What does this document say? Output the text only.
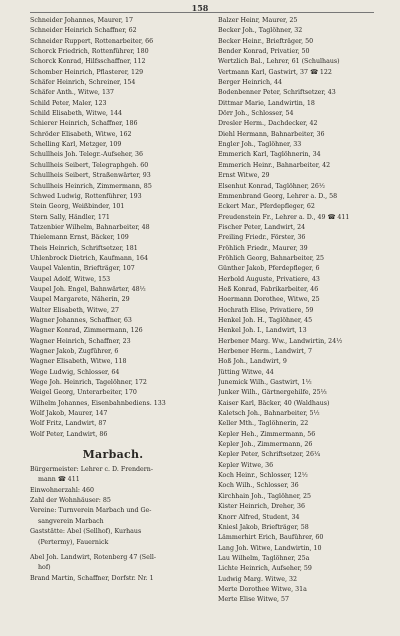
158
Schneider Johannes, Maurer, 17
Schneider Heinrich Schaffner, 62
Schneider Ruppert, Rottenarbeiter, 66
Schorck Friedrich, Rottenführer, 180
Schorck Konrad, Hilfsschaffner, 112
Schomber Heinrich, Pflasterer, 129
Schäfer Heinrich, Schreiner, 154
Schäfer Anth., Witwe, 137
Schild Peter, Maler, 123
Schild Elisabeth, Witwe, 144
Schierer Heinrich, Schaffner, 186
Schröder Elisabeth, Witwe, 162
Schelling Karl, Metzger, 109
Schullheis Joh. Telegr.-Aufseher, 36
Schullheis Seibert, Telegraphgeh. 60
Schullheis Seibert, Straßenwärter, 93
Schullheis Heinrich, Zimmermann, 85
Schwed Ludwig, Rottenführer, 193
Stein Georg, Weißbinder, 101
Stern Sally, Händler, 171
Tatzenbier Wilhelm, Bahnarbeiter, 48
Thielemann Ernst, Bäcker, 109
Theis Heinrich, Schriftsetzer, 181
Uhlenbrock Dietrich, Kaufmann, 164
Vaupel Valentin, Briefträger, 107
Vaupel Adolf, Witwe, 153
Vaupel Joh. Engel, Bahnwärter, 48½
Vaupel Margarete, Näherin, 29
Walter Elisabeth, Witwe, 27
Wagner Johannes, Schaffner, 63
Wagner Konrad, Zimmermann, 126
Wagner Heinrich, Schaffner, 23
Wagner Jakob, Zugführer, 6
Wagner Elisabeth, Witwe, 118
Wege Ludwig, Schlosser, 64
Wege Joh. Heinrich, Tagelöhner, 172
Weigel Georg, Unterarbeiter, 170
Wilhelm Johannes, Eisenbahnbediens. 133
Wolf Jakob, Maurer, 147
Wolf Fritz, Landwirt, 87
Wolf Peter, Landwirt, 86
Marbach.
Bürgermeister: Lehrer c. D. Frendern-
mann ☎ 411
Einwohnerzahl: 460
Zahl der Wohnhäuser: 85
Vereine: Turnverein Marbach und Ge-
sangverein Marbach
Gaststätte: Abel (Sellhof), Kurhaus
(Pertermy), Fauernick
Abel Joh. Landwirt, Rotenberg 47 (Sell-
hof)
Brand Martin, Schaffner, Dorfstr. Nr. 1
Balzer Heinr, Maurer, 25
Becker Joh., Taglöhner, 32
Becker Heinr., Briefträger, 50
Bender Konrad, Privatier, 50
Wertzlich Bal., Lehrer, 61 (Schulhaus)
Vertmann Karl, Gastwirt, 37 ☎ 122
Berger Heinrich, 44
Bodenbenner Peter, Schriftsetzer, 43
Dittmar Marie, Landwirtin, 18
Dörr Joh., Schlosser, 54
Dresler Herm., Dachdecker, 42
Diehl Hermann, Bahnarbeiter, 36
Engler Joh., Taglöhner, 33
Emmerich Karl, Taglöhnerin, 34
Emmerich Heinr., Bahnarbeiter, 42
Ernst Witwe, 29
Elsenhut Konrad, Taglöhner, 26½
Emmenbrand Georg, Lehrer a. D., 58
Eckert Mar., Pferdepfleger, 62
Freudenstein Fr., Lehrer a. D., 49 ☎ 411
Fischer Peter, Landwirt, 24
Freiling Friedr., Förster, 36
Fröhlich Friedr., Maurer, 39
Fröhlich Georg, Bahnarbeiter, 25
Günther Jakob, Pferdepfleger, 6
Herbold Auguste, Privatiere, 43
Heß Konrad, Fabrikarbeiter, 46
Hoermann Dorothee, Witwe, 25
Hochrath Elise, Privatiere, 59
Henkel Joh. H., Taglöhner, 45
Henkel Joh. I., Landwirt, 13
Herbener Marg. Ww., Landwirtin, 24½
Herbener Herm., Landwirt, 7
Hoß Joh., Landwirt, 9
Jütting Witwe, 44
Junemick Wilh., Gastwirt, 1½
Junker Wilh., Gärtnergehilfe, 25⅓
Kaiser Karl, Bäcker, 40 (Waldhaus)
Kaletsch Joh., Bahnarbeiter, 5½
Keller Mth., Taglöhnerin, 22
Kepler Heh., Zimmermann, 56
Kepler Joh., Zimmermann, 26
Kepler Peter, Schriftsetzer, 26¼
Kepler Witwe, 36
Koch Heinr., Schlosser, 12½
Koch Wilh., Schlosser, 36
Kirchhain Joh., Taglöhner, 25
Kister Heinrich, Dreher, 36
Knorr Alfred, Student, 34
Kniesl Jakob, Briefträger, 58
Lämmerhirt Erich, Bauführer, 60
Lang Joh. Witwe, Landwirtin, 10
Lau Wilhelm, Taglöhner, 25a
Lichte Heinrich, Aufseher, 59
Ludwig Marg. Witwe, 32
Merte Dorothee Witwe, 31a
Merte Elise Witwe, 57
